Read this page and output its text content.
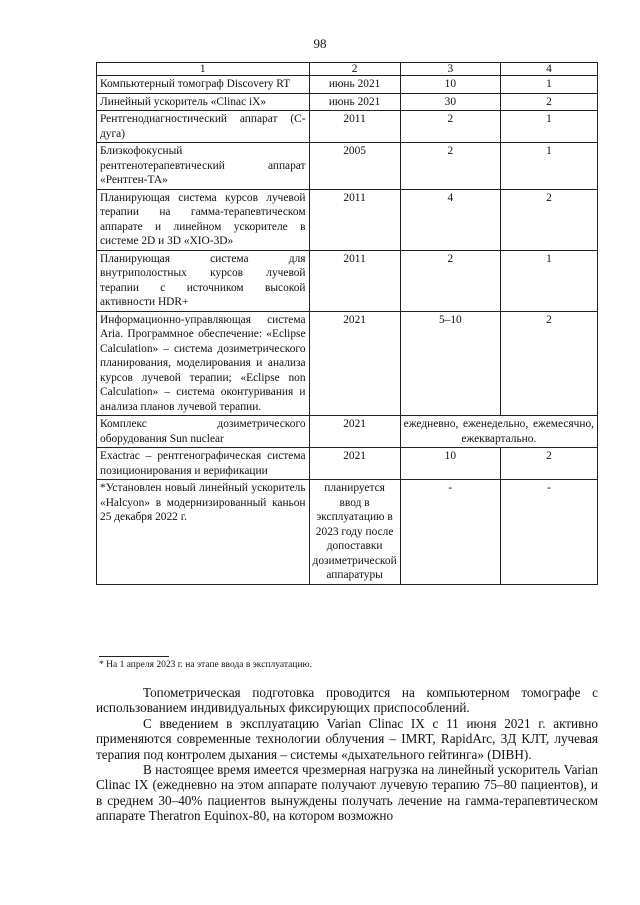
98
1	2	3	4
Компьютерный томограф Discovery RT	июнь 2021	10	1
Линейный ускоритель «Clinac iX»	июнь 2021	30	2
Рентгенодиагностический аппарат (С-дуга)	2011	2	1
Близкофокусный рентгенотерапевтический аппарат «Рентген-ТА»	2005	2	1
Планирующая система курсов лучевой терапии на гамма-терапевтическом аппарате и линейном ускорителе в системе 2D и 3D «XIO-3D»	2011	4	2
Планирующая система для внутриполостных курсов лучевой терапии с источником высокой активности HDR+	2011	2	1
Информационно-управляющая система Aria. Программное обеспечение: «Eclipse Calculation» – система дозиметрического планирования, моделирования и анализа курсов лучевой терапии; «Eclipse non Calculation» – система оконтуривания и анализа планов лучевой терапии.	2021	5–10	2
Комплекс дозиметрического оборудования Sun nuclear	2021	ежедневно, еженедельно, ежемесячно, ежеквартально.	
Exactrac – рентгенографическая система позиционирования и верификации	2021	10	2
*Установлен новый линейный ускоритель «Halcyon» в модернизированный каньон 25 декабря 2022 г.	планируется ввод в эксплуатацию в 2023 году после допоставки дозиметрической аппаратуры	-	-
* На 1 апреля 2023 г. на этапе ввода в эксплуатацию.

Топометрическая подготовка проводится на компьютерном томографе с использованием индивидуальных фиксирующих приспособлений.

С введением в эксплуатацию Varian Clinac IX с 11 июня 2021 г. активно применяются современные технологии облучения – IMRT, RapidArc, 3Д КЛТ, лучевая терапия под контролем дыхания – системы «дыхательного гейтинга» (DIBH).

В настоящее время имеется чрезмерная нагрузка на линейный ускоритель Varian Clinac IX (ежедневно на этом аппарате получают лучевую терапию 75–80 пациентов), и в среднем 30–40% пациентов вынуждены получать лечение на гамма-терапевтическом аппарате Theratron Equinox-80, на котором возможно
